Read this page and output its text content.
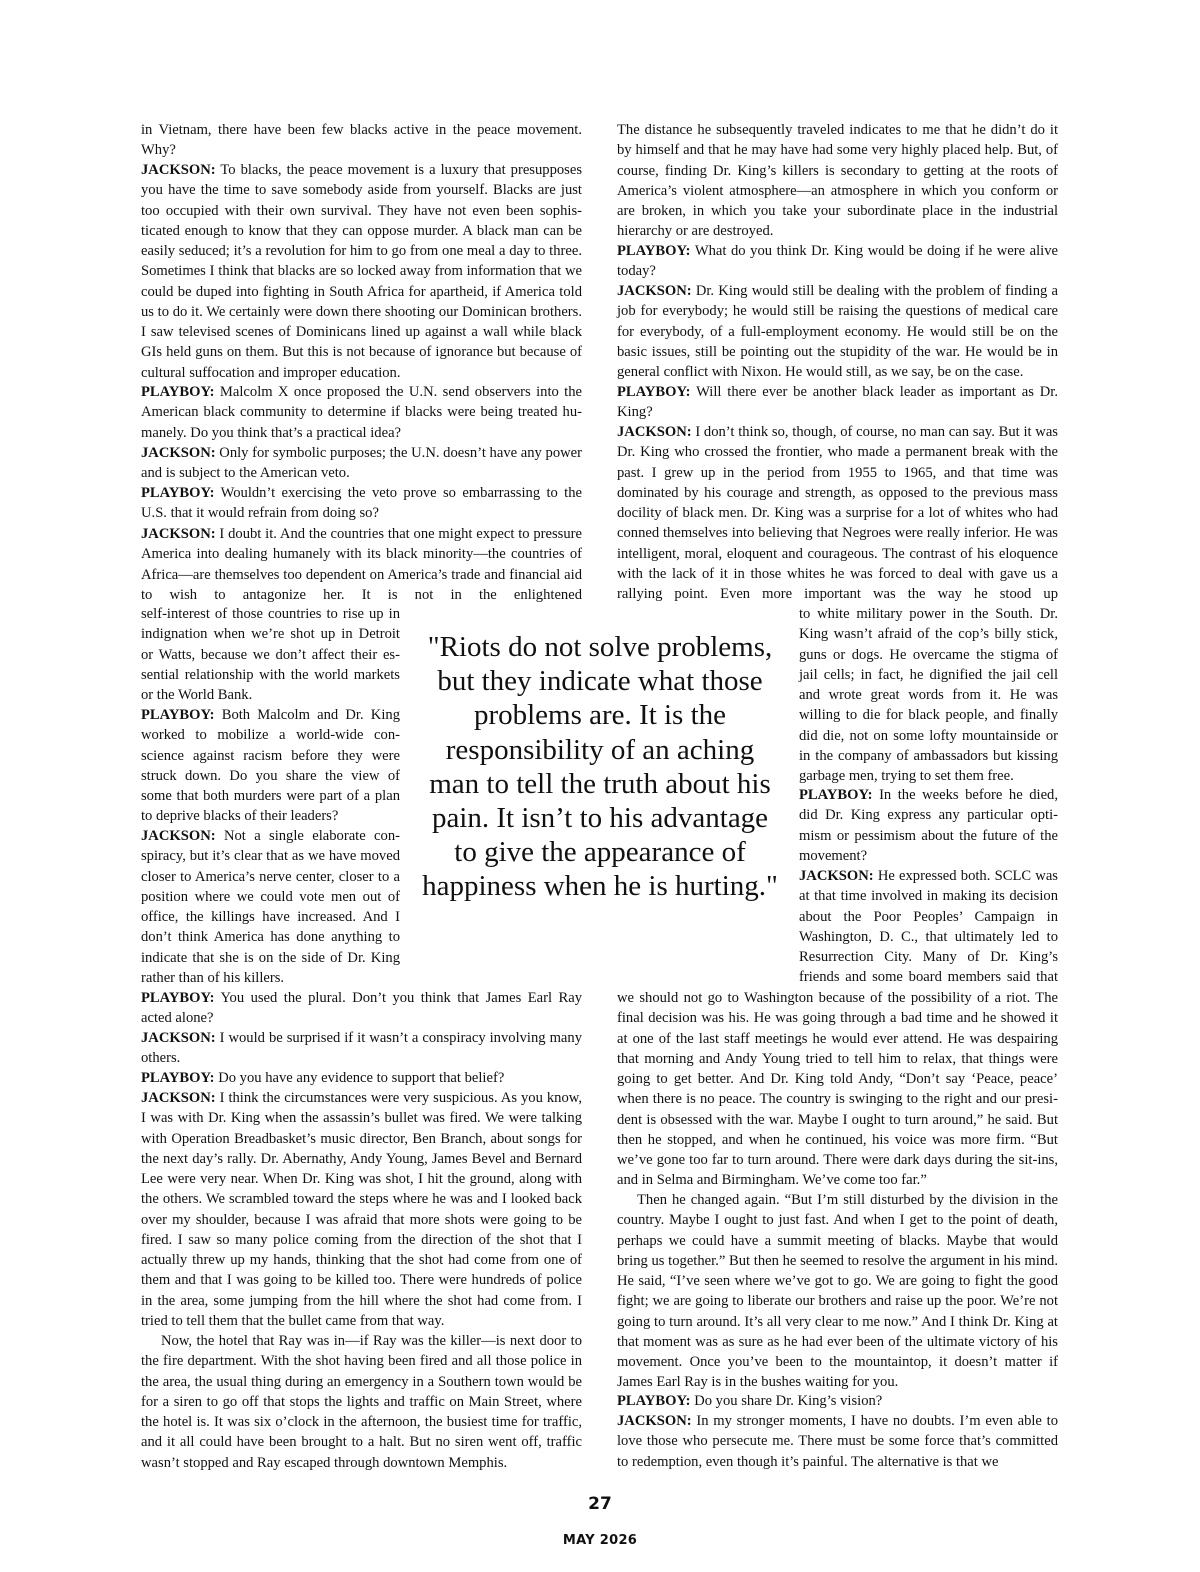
in Vietnam, there have been few blacks active in the peace movement. Why?

JACKSON: To blacks, the peace movement is a luxury that presupposes you have the time to save somebody aside from yourself. Blacks are just too occupied with their own survival. They have not even been sophisticated enough to know that they can oppose murder. A black man can be easily seduced; it’s a revolution for him to go from one meal a day to three. Sometimes I think that blacks are so locked away from information that we could be duped into fighting in South Africa for apartheid, if America told us to do it. We certainly were down there shooting our Dominican brothers. I saw televised scenes of Dominicans lined up against a wall while black GIs held guns on them. But this is not because of ignorance but because of cultural suffocation and improper education.

PLAYBOY: Malcolm X once proposed the U.N. send observers into the American black community to determine if blacks were being treated humanely. Do you think that’s a practical idea?

JACKSON: Only for symbolic purposes; the U.N. doesn’t have any power and is subject to the American veto.

PLAYBOY: Wouldn’t exercising the veto prove so embarrassing to the U.S. that it would refrain from doing so?

JACKSON: I doubt it. And the countries that one might expect to pressure America into dealing humanely with its black minority—the countries of Africa—are themselves too dependent on America’s trade and financial aid to wish to antagonize her. It is not in the enlightened

self-interest of those countries to rise up in indignation when we’re shot up in Detroit or Watts, because we don’t affect their essential relationship with the world markets or the World Bank.

PLAYBOY: Both Malcolm and Dr. King worked to mobilize a world-wide conscience against racism before they were struck down. Do you share the view of some that both murders were part of a plan to deprive blacks of their leaders?

JACKSON: Not a single elaborate conspiracy, but it’s clear that as we have moved closer to America’s nerve center, closer to a position where we could vote men out of office, the killings have increased. And I don’t think America has done anything to indicate that she is on the side of Dr. King rather than of his killers.

PLAYBOY: You used the plural. Don’t you think that James Earl Ray acted alone?

JACKSON: I would be surprised if it wasn’t a conspiracy involving many others.

PLAYBOY: Do you have any evidence to support that belief?

JACKSON: I think the circumstances were very suspicious. As you know, I was with Dr. King when the assassin’s bullet was fired. We were talking with Operation Breadbasket’s music director, Ben Branch, about songs for the next day’s rally. Dr. Abernathy, Andy Young, James Bevel and Bernard Lee were very near. When Dr. King was shot, I hit the ground, along with the others. We scrambled toward the steps where he was and I looked back over my shoulder, because I was afraid that more shots were going to be fired. I saw so many police coming from the direction of the shot that I actually threw up my hands, thinking that the shot had come from one of them and that I was going to be killed too. There were hundreds of police in the area, some jumping from the hill where the shot had come from. I tried to tell them that the bullet came from that way.

Now, the hotel that Ray was in—if Ray was the killer—is next door to the fire department. With the shot having been fired and all those police in the area, the usual thing during an emergency in a Southern town would be for a siren to go off that stops the lights and traffic on Main Street, where the hotel is. It was six o’clock in the afternoon, the busiest time for traffic, and it all could have been brought to a halt. But no siren went off, traffic wasn’t stopped and Ray escaped through downtown Memphis.

The distance he subsequently traveled indicates to me that he didn’t do it by himself and that he may have had some very highly placed help. But, of course, finding Dr. King’s killers is secondary to getting at the roots of America’s violent atmosphere—an atmosphere in which you conform or are broken, in which you take your subordinate place in the industrial hierarchy or are destroyed.

PLAYBOY: What do you think Dr. King would be doing if he were alive today?

JACKSON: Dr. King would still be dealing with the problem of finding a job for everybody; he would still be raising the questions of medical care for everybody, of a full-employment economy. He would still be on the basic issues, still be pointing out the stupidity of the war. He would be in general conflict with Nixon. He would still, as we say, be on the case.

PLAYBOY: Will there ever be another black leader as important as Dr. King?

JACKSON: I don’t think so, though, of course, no man can say. But it was Dr. King who crossed the frontier, who made a permanent break with the past. I grew up in the period from 1955 to 1965, and that time was dominated by his courage and strength, as opposed to the previous mass docility of black men. Dr. King was a surprise for a lot of whites who had conned themselves into believing that Negroes were really inferior. He was intelligent, moral, eloquent and courageous. The contrast of his eloquence with the lack of it in those whites he was forced to deal with gave us a rallying point. Even more important was the way he stood up

to white military power in the South. Dr. King wasn’t afraid of the cop’s billy stick, guns or dogs. He overcame the stigma of jail cells; in fact, he dignified the jail cell and wrote great words from it. He was willing to die for black people, and finally did die, not on some lofty mountainside or in the company of ambassadors but kissing garbage men, trying to set them free.

PLAYBOY: In the weeks before he died, did Dr. King express any particular optimism or pessimism about the future of the movement?

JACKSON: He expressed both. SCLC was at that time involved in making its decision about the Poor Peoples’ Campaign in Washington, D. C., that ultimately led to Resurrection City. Many of Dr. King’s friends and some board members said that

we should not go to Washington because of the possibility of a riot. The final decision was his. He was going through a bad time and he showed it at one of the last staff meetings he would ever attend. He was despairing that morning and Andy Young tried to tell him to relax, that things were going to get better. And Dr. King told Andy, “Don’t say ‘Peace, peace’ when there is no peace. The country is swinging to the right and our president is obsessed with the war. Maybe I ought to turn around,” he said. But then he stopped, and when he continued, his voice was more firm. “But we’ve gone too far to turn around. There were dark days during the sit-ins, and in Selma and Birmingham. We’ve come too far.”

Then he changed again. “But I’m still disturbed by the division in the country. Maybe I ought to just fast. And when I get to the point of death, perhaps we could have a summit meeting of blacks. Maybe that would bring us together.” But then he seemed to resolve the argument in his mind. He said, “I’ve seen where we’ve got to go. We are going to fight the good fight; we are going to liberate our brothers and raise up the poor. We’re not going to turn around. It’s all very clear to me now.” And I think Dr. King at that moment was as sure as he had ever been of the ultimate victory of his movement. Once you’ve been to the mountaintop, it doesn’t matter if James Earl Ray is in the bushes waiting for you.

PLAYBOY: Do you share Dr. King’s vision?

JACKSON: In my stronger moments, I have no doubts. I’m even able to love those who persecute me. There must be some force that’s committed to redemption, even though it’s painful. The alternative is that we

"Riots do not solve problems, but they indicate what those problems are. It is the responsibility of an aching man to tell the truth about his pain. It isn’t to his advantage to give the appearance of happiness when he is hurting."
27
MAY 2026
